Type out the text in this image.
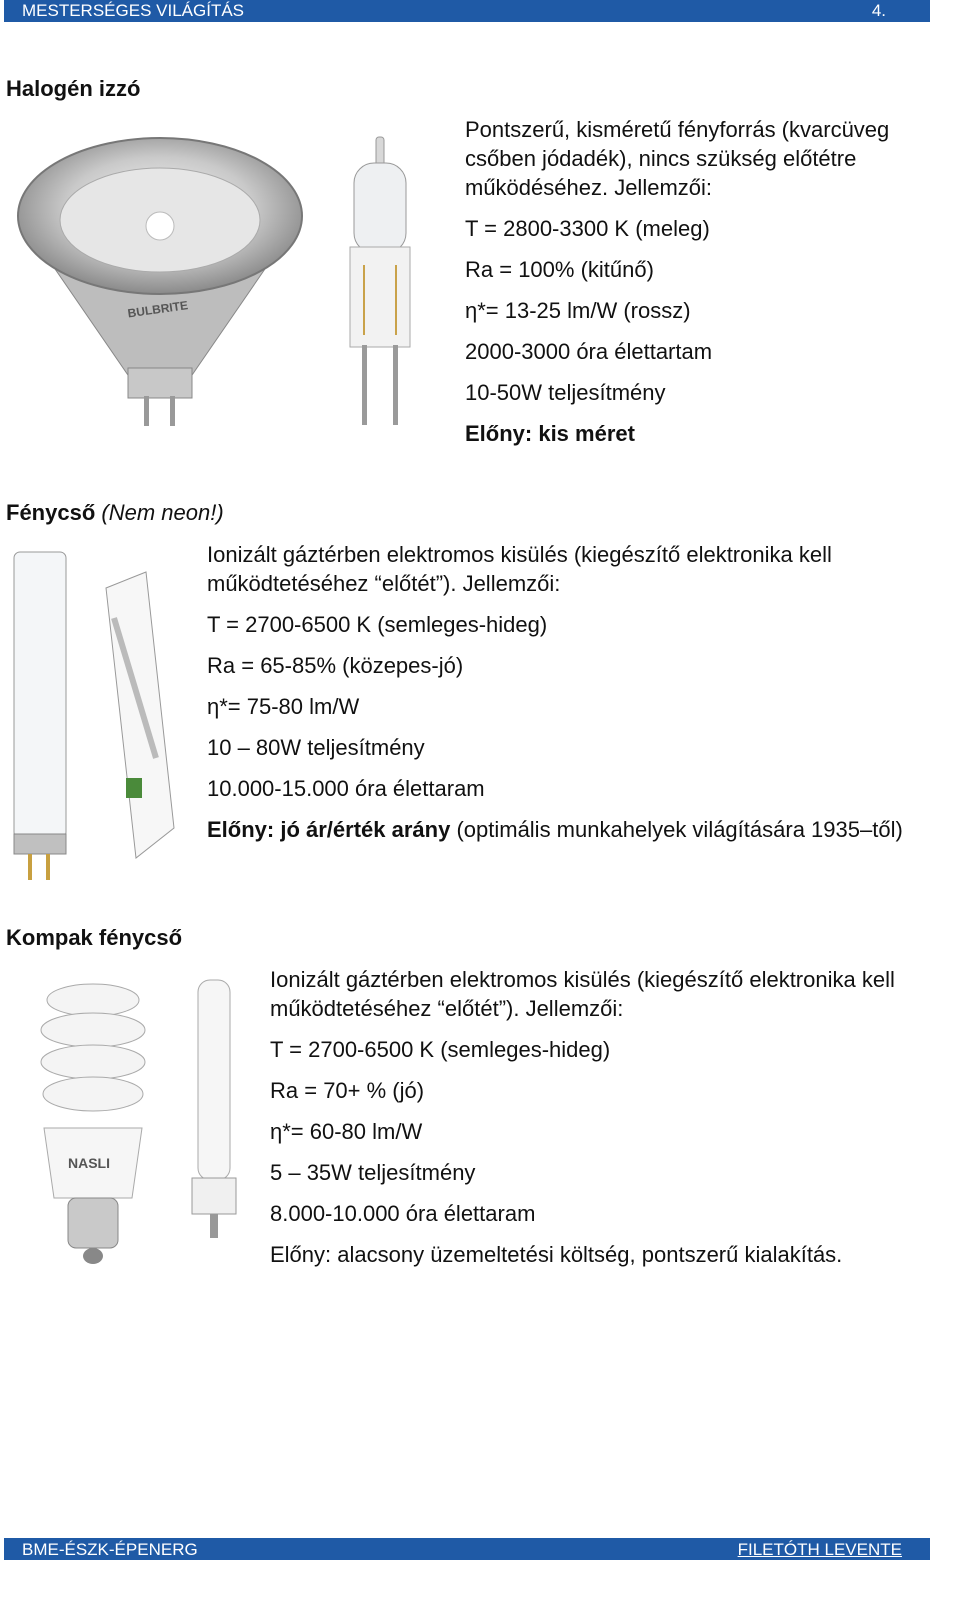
MESTERSÉGES VILÁGÍTÁS	4.
Halogén izzó
BULBRITE
Pontszerű, kisméretű fényforrás (kvarcüveg csőben jódadék), nincs szükség előtétre működéséhez. Jellemzői:
T = 2800-3300 K (meleg)
Ra = 100% (kitűnő)
η*= 13-25 lm/W (rossz)
2000-3000 óra élettartam
10-50W teljesítmény
Előny: kis méret
Fénycső (Nem neon!)
Ionizált gáztérben elektromos kisülés (kiegészítő elektronika kell működtetéséhez “előtét”). Jellemzői:
T = 2700-6500 K (semleges-hideg)
Ra = 65-85% (közepes-jó)
η*= 75-80 lm/W
10 – 80W teljesítmény
10.000-15.000 óra élettaram
Előny: jó ár/érték arány (optimális munkahelyek világítására 1935–től)
Kompak fénycső
NASLI
Ionizált gáztérben elektromos kisülés (kiegészítő elektronika kell működtetéséhez “előtét”). Jellemzői:
T = 2700-6500 K (semleges-hideg)
Ra = 70+ % (jó)
η*= 60-80 lm/W
5 – 35W teljesítmény
8.000-10.000 óra élettaram
Előny: alacsony üzemeltetési költség, pontszerű kialakítás.
BME-ÉSZK-ÉPENERG	FILETÓTH LEVENTE
